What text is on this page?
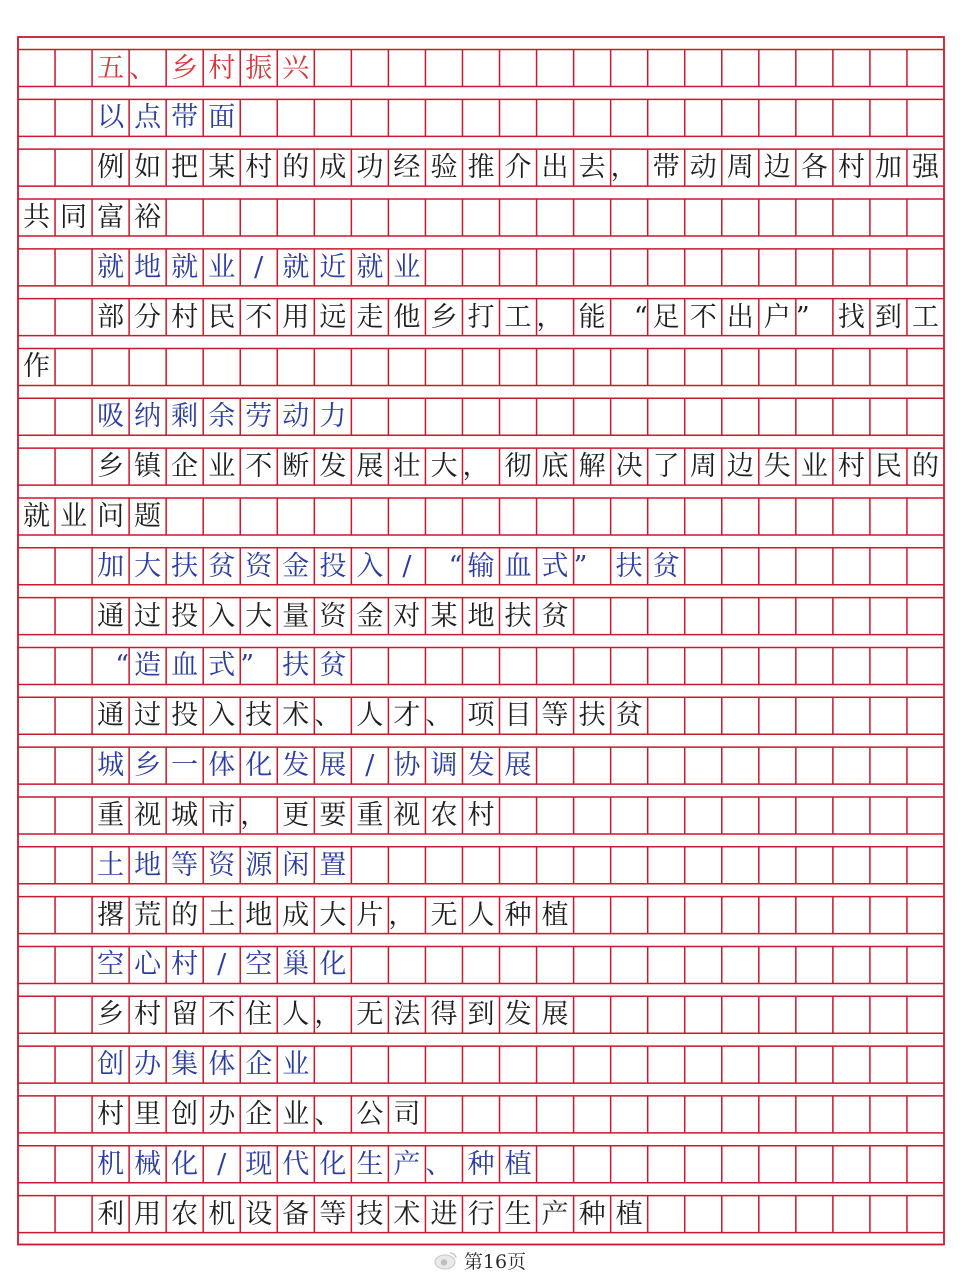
五 、 乡 村 振 兴
以 点 带 面
例 如 把 某 村 的 成 功 经 验 推 介 出 去 ， 带 动 周 边 各 村 加 强
共 同 富 裕
就 地 就 业 / 就 近 就 业
部 分 村 民 不 用 远 走 他 乡 打 工 ， 能	“ 足 不 出 户 ”	找 到 工
作
吸 纳 剩 余 劳 动 力
乡 镇 企 业 不 断 发 展 壮 大 ， 彻 底 解 决 了 周 边 失 业 村 民 的
就 业 问 题
加 大 扶 贫 资 金 投 入 /	“ 输 血 式 ”	扶 贫
通 过 投 入 大 量 资 金 对 某 地 扶 贫
“ 造 血 式 ”	扶 贫
通 过 投 入 技 术 、 人 才 、 项 目 等 扶 贫
城 乡 一 体 化 发 展 / 协 调 发 展
重 视 城 市 ， 更 要 重 视 农 村
土 地 等 资 源 闲 置
撂 荒 的 土 地 成 大 片 ， 无 人 种 植
空 心 村 / 空 巢 化
乡 村 留 不 住 人 ， 无 法 得 到 发 展
创 办 集 体 企 业
村 里 创 办 企 业 、 公 司
机 械 化 / 现 代 化 生 产 、 种 植
利 用 农 机 设 备 等 技 术 进 行 生 产 种 植
第16页
